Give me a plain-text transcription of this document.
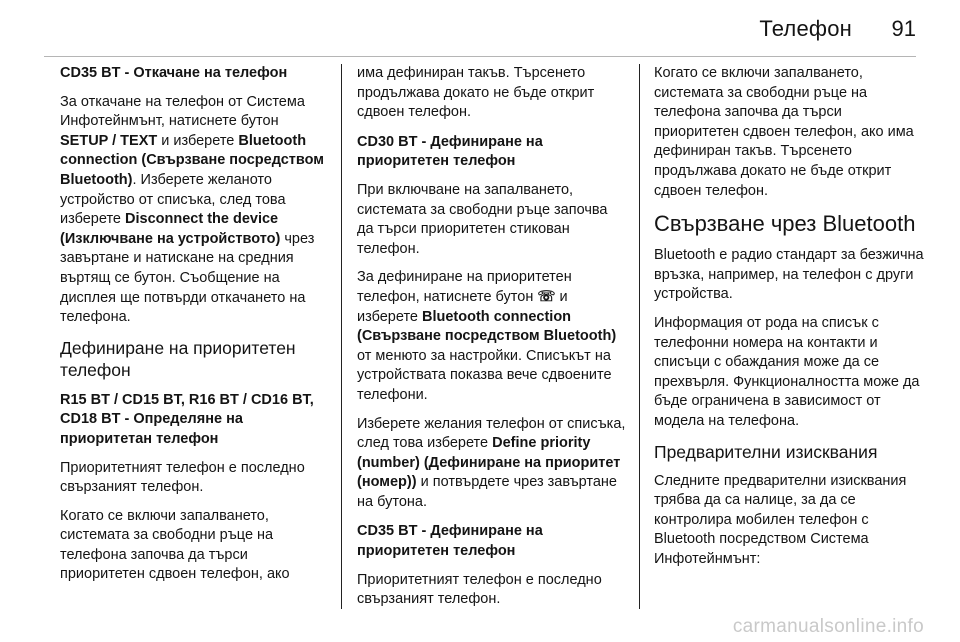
Телефон 91

CD35 BT - Откачане на телефон

За откачане на телефон от Система Инфотейнмънт, натиснете бутон SETUP / TEXT и изберете Bluetooth connection (Свързване посредством Bluetooth). Изберете желаното устройство от списъка, след това изберете Disconnect the device (Изключване на устройството) чрез завъртане и натискане на средния въртящ се бутон. Съобщение на дисплея ще потвърди откачането на телефона.

Дефиниране на приоритетен телефон

R15 BT / CD15 BT, R16 BT / CD16 BT, CD18 BT - Определяне на приоритетан телефон

Приоритетният телефон е последно свързаният телефон.

Когато се включи запалването, системата за свободни ръце на телефона започва да търси приоритетен сдвоен телефон, ако

има дефиниран такъв. Търсенето продължава докато не бъде открит сдвоен телефон.

CD30 BT - Дефиниране на приоритетен телефон

При включване на запалването, системата за свободни ръце започва да търси приоритетен стикован телефон.

За дефиниране на приоритетен телефон, натиснете бутон ☏ и изберете Bluetooth connection (Свързване посредством Bluetooth) от менюто за настройки. Списъкът на устройствата показва вече сдвоените телефони.

Изберете желания телефон от списъка, след това изберете Define priority (number) (Дефиниране на приоритет (номер)) и потвърдете чрез завъртане на бутона.

CD35 BT - Дефиниране на приоритетен телефон

Приоритетният телефон е последно свързаният телефон.

Когато се включи запалването, системата за свободни ръце на телефона започва да търси приоритетен сдвоен телефон, ако има дефиниран такъв. Търсенето продължава докато не бъде открит сдвоен телефон.

Свързване чрез Bluetooth

Bluetooth е радио стандарт за безжична връзка, например, на телефон с други устройства.

Информация от рода на списък с телефонни номера на контакти и списъци с обаждания може да се прехвърля. Функционалността може да бъде ограничена в зависимост от модела на телефона.

Предварителни изисквания

Следните предварителни изисквания трябва да са налице, за да се контролира мобилен телефон с Bluetooth посредством Система Инфотейнмънт:

carmanualsonline.info
